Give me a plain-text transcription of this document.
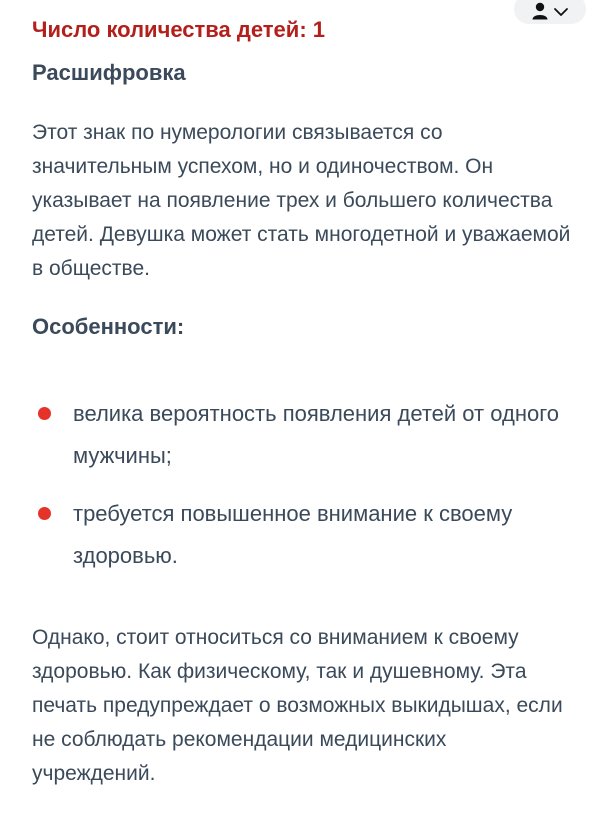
Число количества детей: 1
Расшифровка

Этот знак по нумерологии связывается со значительным успехом, но и одиночеством. Он указывает на появление трех и большего количества детей. Девушка может стать многодетной и уважаемой в обществе.

Особенности:
велика вероятность появления детей от одного мужчины;
требуется повышенное внимание к своему здоровью.

Однако, стоит относиться со вниманием к своему здоровью. Как физическому, так и душевному. Эта печать предупреждает о возможных выкидышах, если не соблюдать рекомендации медицинских учреждений.
